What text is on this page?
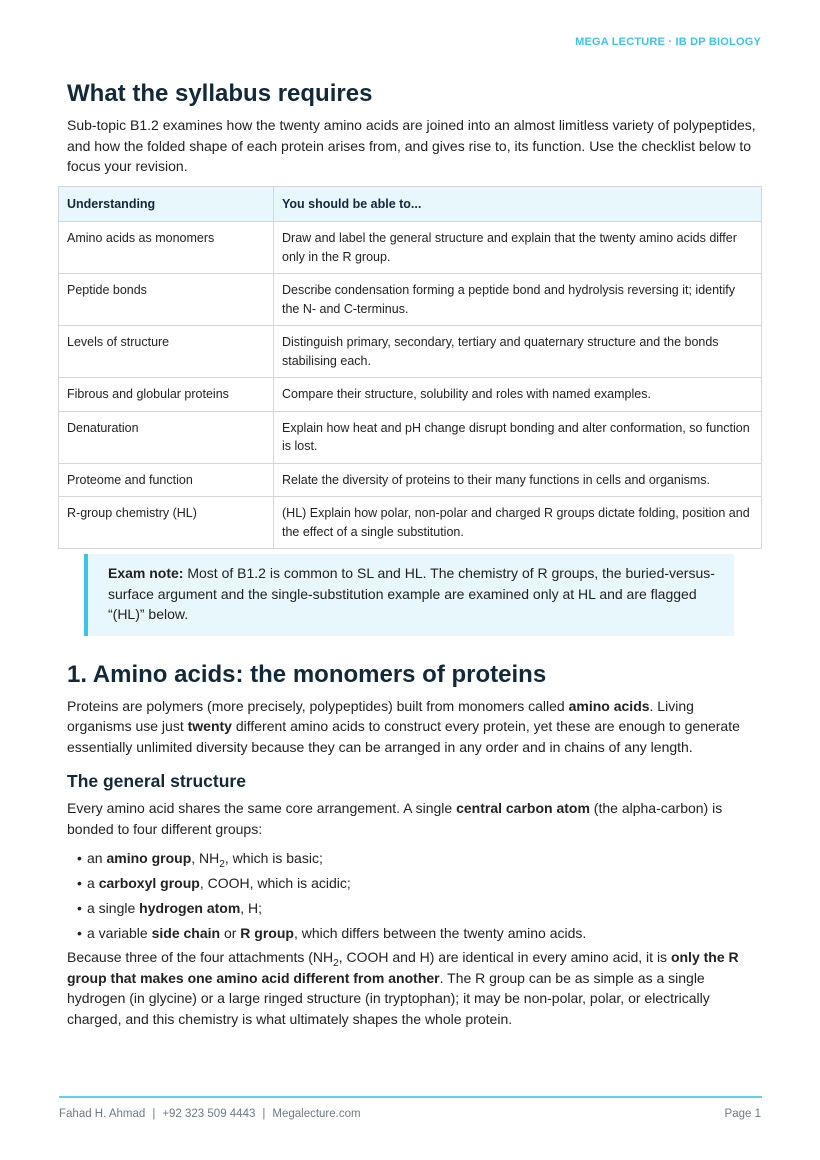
MEGA LECTURE · IB DP BIOLOGY
What the syllabus requires

Sub-topic B1.2 examines how the twenty amino acids are joined into an almost limitless variety of polypeptides, and how the folded shape of each protein arises from, and gives rise to, its function. Use the checklist below to focus your revision.

Understanding	You should be able to...
Amino acids as monomers	Draw and label the general structure and explain that the twenty amino acids differ only in the R group.
Peptide bonds	Describe condensation forming a peptide bond and hydrolysis reversing it; identify the N- and C-terminus.
Levels of structure	Distinguish primary, secondary, tertiary and quaternary structure and the bonds stabilising each.
Fibrous and globular proteins	Compare their structure, solubility and roles with named examples.
Denaturation	Explain how heat and pH change disrupt bonding and alter conformation, so function is lost.
Proteome and function	Relate the diversity of proteins to their many functions in cells and organisms.
R-group chemistry (HL)	(HL) Explain how polar, non-polar and charged R groups dictate folding, position and the effect of a single substitution.

Exam note: Most of B1.2 is common to SL and HL. The chemistry of R groups, the buried-versus-surface argument and the single-substitution example are examined only at HL and are flagged “(HL)” below.

1. Amino acids: the monomers of proteins

Proteins are polymers (more precisely, polypeptides) built from monomers called amino acids. Living organisms use just twenty different amino acids to construct every protein, yet these are enough to generate essentially unlimited diversity because they can be arranged in any order and in chains of any length.

The general structure

Every amino acid shares the same core arrangement. A single central carbon atom (the alpha-carbon) is bonded to four different groups:

• an amino group, $NH_2$, which is basic;
• a carboxyl group, COOH, which is acidic;
• a single hydrogen atom, H;
• a variable side chain or R group, which differs between the twenty amino acids.

Because three of the four attachments ($NH_2$, COOH and H) are identical in every amino acid, it is only the R group that makes one amino acid different from another. The R group can be as simple as a single hydrogen (in glycine) or a large ringed structure (in tryptophan); it may be non-polar, polar, or electrically charged, and this chemistry is what ultimately shapes the whole protein.

Fahad H. Ahmad | +92 323 509 4443 | Megalecture.com	Page 1
